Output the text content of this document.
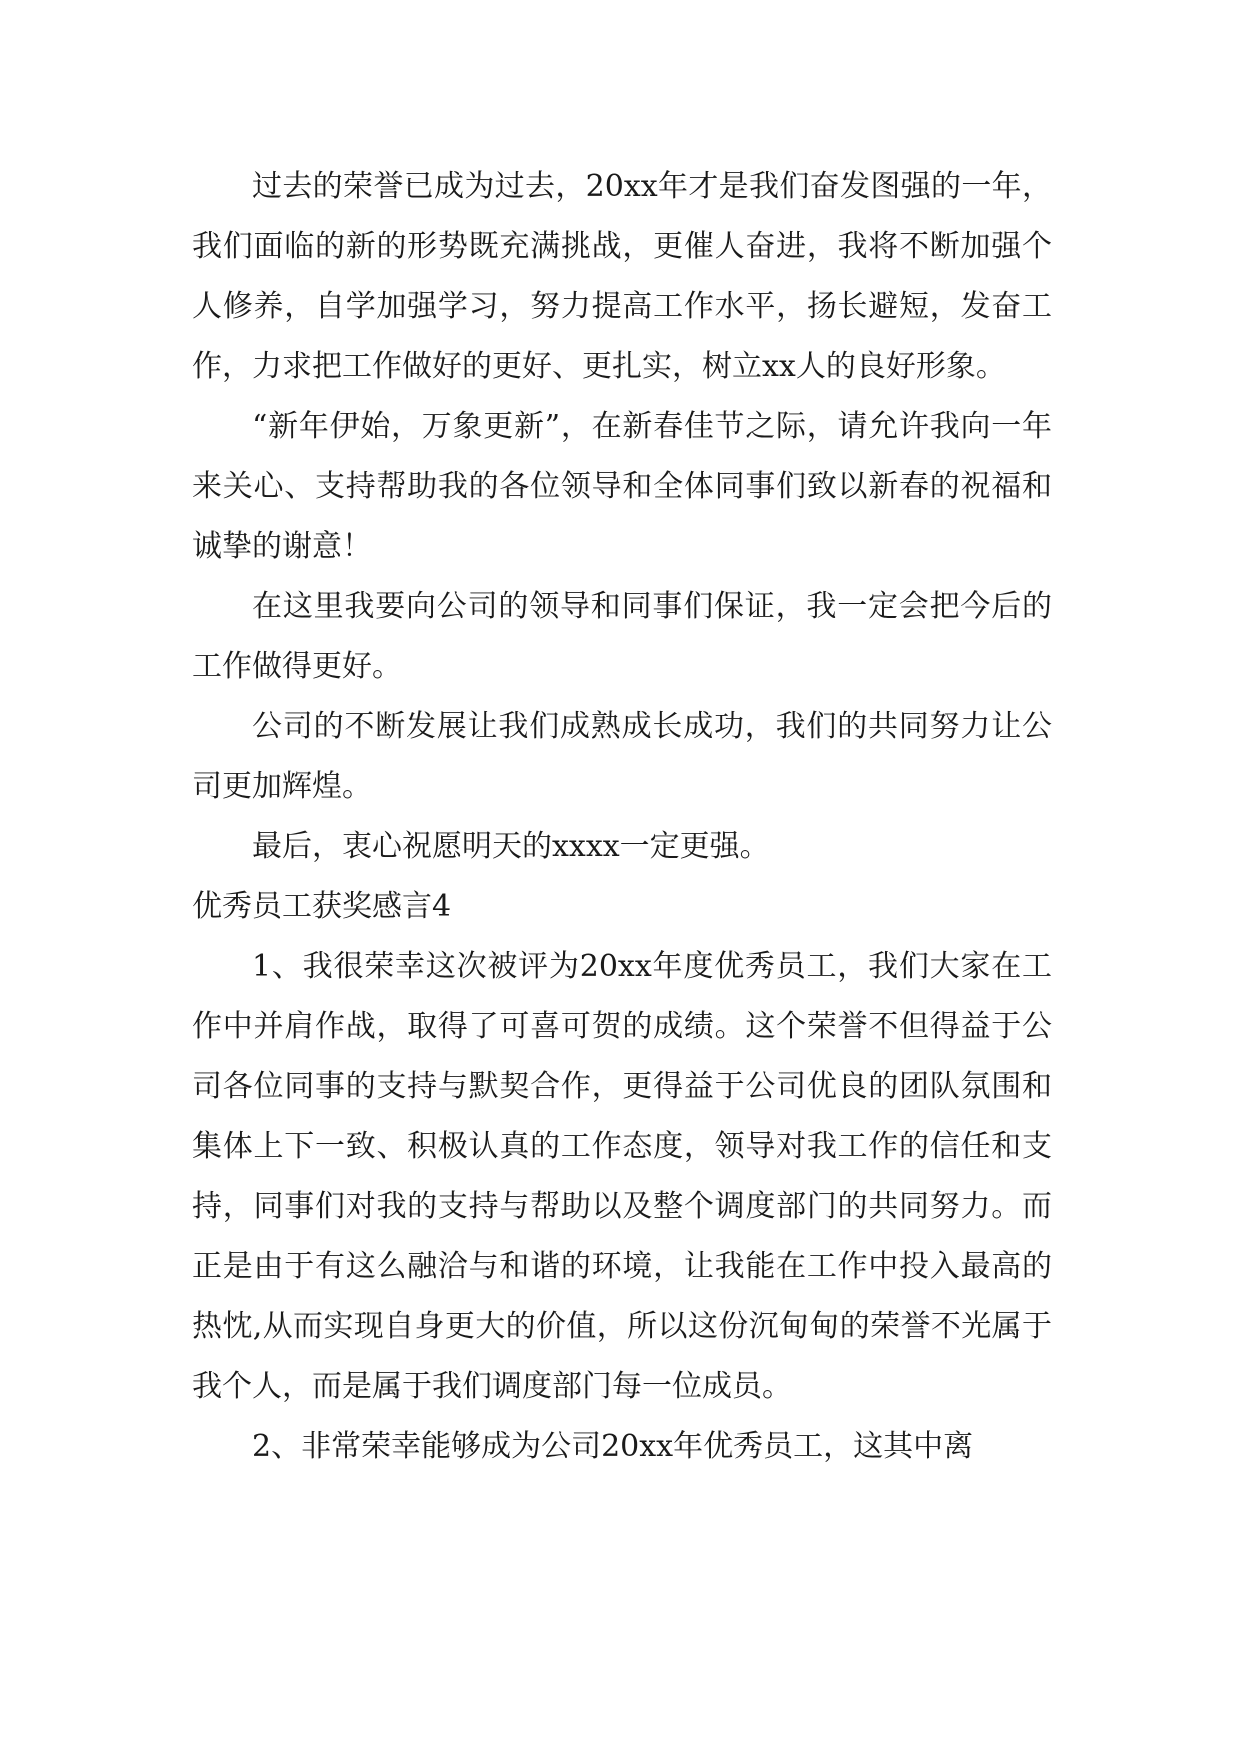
过去的荣誉已成为过去，20xx年才是我们奋发图强的一年，我们面临的新的形势既充满挑战，更催人奋进，我将不断加强个人修养，自学加强学习，努力提高工作水平，扬长避短，发奋工作，力求把工作做好的更好、更扎实，树立xx人的良好形象。

“新年伊始，万象更新”，在新春佳节之际，请允许我向一年来关心、支持帮助我的各位领导和全体同事们致以新春的祝福和诚挚的谢意！

在这里我要向公司的领导和同事们保证，我一定会把今后的工作做得更好。

公司的不断发展让我们成熟成长成功，我们的共同努力让公司更加辉煌。

最后，衷心祝愿明天的xxxx一定更强。

优秀员工获奖感言4

1、我很荣幸这次被评为20xx年度优秀员工，我们大家在工作中并肩作战，取得了可喜可贺的成绩。这个荣誉不但得益于公司各位同事的支持与默契合作，更得益于公司优良的团队氛围和集体上下一致、积极认真的工作态度，领导对我工作的信任和支持，同事们对我的支持与帮助以及整个调度部门的共同努力。而正是由于有这么融洽与和谐的环境，让我能在工作中投入最高的热忱,从而实现自身更大的价值，所以这份沉甸甸的荣誉不光属于我个人，而是属于我们调度部门每一位成员。

2、非常荣幸能够成为公司20xx年优秀员工，这其中离
